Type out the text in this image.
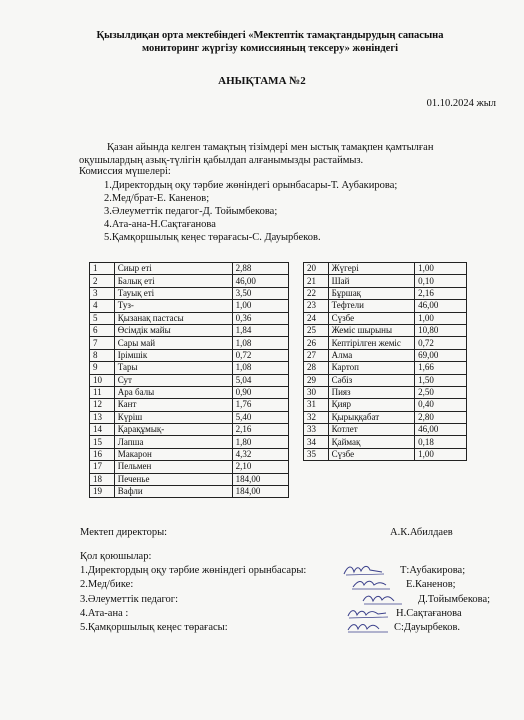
Қызылдиқан орта мектебіндегі «Мектептік тамақтандырудың сапасына
мониторинг жүргізу комиссияның тексеру» жөніндегі
АНЫҚТАМА №2
01.10.2024 жыл
Қазан айында келген тамақтың тізімдері мен ыстық тамақпен қамтылған
оқушылардың азық-түлігін қабылдап алғанымызды растаймыз.
Комиссия мүшелері:
1.Директордың оқу тәрбие жөніндегі орынбасары-Т. Аубакирова;
2.Мед/брат-Е. Каненов;
3.Әлеуметтік педагог-Д. Тойымбекова;
4.Ата-ана-Н.Сақтағанова
5.Қамқоршылық кеңес төрағасы-С. Дауырбеков.
1	Сиыр еті	2,88
2	Балық еті	46,00
3	Тауық еті	3,50
4	Туз-	1,00
5	Қызанақ пастасы	0,36
6	Өсімдік майы	1,84
7	Сары май	1,08
8	Ірімшік	0,72
9	Тары	1,08
10	Сут	5,04
11	Ара балы	0,90
12	Кант	1,76
13	Күріш	5,40
14	Қарақұмық-	2,16
15	Лапша	1,80
16	Макарон	4,32
17	Пельмен	2,10
18	Печенье	184,00
19	Вафли	184,00
20	Жүгері	1,00
21	Шай	0,10
22	Бұршақ	2,16
23	Тефтели	46,00
24	Сүзбе	1,00
25	Жеміс шырыны	10,80
26	Кептірілген жеміс	0,72
27	Алма	69,00
28	Картоп	1,66
29	Сәбіз	1,50
30	Пияз	2,50
31	Қияр	0,40
32	Қырыққабат	2,80
33	Котлет	46,00
34	Қаймақ	0,18
35	Сүзбе	1,00
Мектеп директоры:	А.К.Абилдаев
Қол қоюшылар:
1.Директордың оқу тәрбие жөніндегі орынбасары:	Т:Аубакирова;
2.Мед/бике:	Е.Каненов;
3.Әлеуметтік педагог:	Д.Тойымбекова;
4.Ата-ана :	Н.Сақтағанова
5.Қамқоршылық кеңес төрағасы:	С:Дауырбеков.
